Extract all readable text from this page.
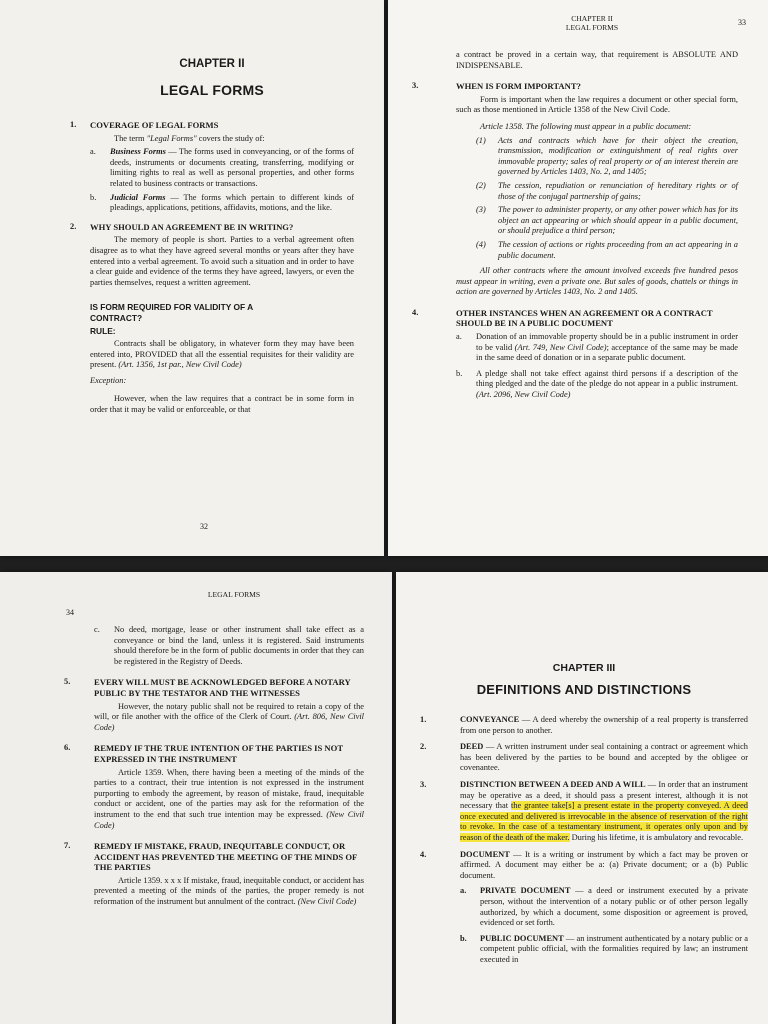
CHAPTER II
LEGAL FORMS
1.	COVERAGE OF LEGAL FORMS

The term "Legal Forms" covers the study of:

a.	Business Forms — The forms used in conveyancing, or of the forms of deeds, instruments or documents creating, transferring, modifying or limiting rights to real as well as personal properties, and other forms related to business contracts or transactions.
b.	Judicial Forms — The forms which pertain to different kinds of pleadings, applications, petitions, affidavits, motions, and the like.
2.	WHY SHOULD AN AGREEMENT BE IN WRITING?

The memory of people is short. Parties to a verbal agreement often disagree as to what they have agreed several months or years after they have entered into a verbal agreement. To avoid such a situation and in order to have a clear guide and evidence of the terms they have agreed, lawyers, or even the parties themselves, request a written agreement.

IS FORM REQUIRED FOR VALIDITY OF A CONTRACT?
RULE:

Contracts shall be obligatory, in whatever form they may have been entered into, PROVIDED that all the essential requisites for their validity are present. (Art. 1356, 1st par., New Civil Code)

Exception:

However, when the law requires that a contract be in some form in order that it may be valid or enforceable, or that

32
CHAPTER II
LEGAL FORMS
33

a contract be proved in a certain way, that requirement is ABSOLUTE AND INDISPENSABLE.

3.	WHEN IS FORM IMPORTANT?

Form is important when the law requires a document or other special form, such as those mentioned in Article 1358 of the New Civil Code.

Article 1358. The following must appear in a public document:

(1)	Acts and contracts which have for their object the creation, transmission, modification or extinguishment of real rights over immovable property; sales of real property or of an interest therein are governed by Articles 1403, No. 2, and 1405;
(2)	The cession, repudiation or renunciation of hereditary rights or of those of the conjugal partnership of gains;
(3)	The power to administer property, or any other power which has for its object an act appearing or which should appear in a public document, or should prejudice a third person;
(4)	The cession of actions or rights proceeding from an act appearing in a public document.

All other contracts where the amount involved exceeds five hundred pesos must appear in writing, even a private one. But sales of goods, chattels or things in action are governed by Articles 1403, No. 2 and 1405.

4.	OTHER INSTANCES WHEN AN AGREEMENT OR A CONTRACT SHOULD BE IN A PUBLIC DOCUMENT
a.	Donation of an immovable property should be in a public instrument in order to be valid (Art. 749, New Civil Code); acceptance of the same may be made in the same deed of donation or in a separate public document.
b.	A pledge shall not take effect against third persons if a description of the thing pledged and the date of the pledge do not appear in a public instrument. (Art. 2096, New Civil Code)
34
LEGAL FORMS
c.	No deed, mortgage, lease or other instrument shall take effect as a conveyance or bind the land, unless it is registered. Said instruments should therefore be in the form of public documents in order that they can be registered in the Registry of Deeds.
5.	EVERY WILL MUST BE ACKNOWLEDGED BEFORE A NOTARY PUBLIC BY THE TESTATOR AND THE WITNESSES

However, the notary public shall not be required to retain a copy of the will, or file another with the office of the Clerk of Court. (Art. 806, New Civil Code)

6.	REMEDY IF THE TRUE INTENTION OF THE PARTIES IS NOT EXPRESSED IN THE INSTRUMENT

Article 1359. When, there having been a meeting of the minds of the parties to a contract, their true intention is not expressed in the instrument purporting to embody the agreement, by reason of mistake, fraud, inequitable conduct or accident, one of the parties may ask for the reformation of the instrument to the end that such true intention may be expressed. (New Civil Code)

7.	REMEDY IF MISTAKE, FRAUD, INEQUITABLE CONDUCT, OR ACCIDENT HAS PREVENTED THE MEETING OF THE MINDS OF THE PARTIES

Article 1359. x x x If mistake, fraud, inequitable conduct, or accident has prevented a meeting of the minds of the parties, the proper remedy is not reformation of the instrument but annulment of the contract. (New Civil Code)

CHAPTER III
DEFINITIONS AND DISTINCTIONS
1.	CONVEYANCE — A deed whereby the ownership of a real property is transferred from one person to another.
2.	DEED — A written instrument under seal containing a contract or agreement which has been delivered by the parties to be bound and accepted by the obligee or covenantee.
3.	DISTINCTION BETWEEN A DEED AND A WILL — In order that an instrument may be operative as a deed, it should pass a present interest, although it is not necessary that the grantee take[s] a present estate in the property conveyed. A deed once executed and delivered is irrevocable in the absence of reservation of the right to revoke. In the case of a testamentary instrument, it operates only upon and by reason of the death of the maker. During his lifetime, it is ambulatory and revocable.
4.	DOCUMENT — It is a writing or instrument by which a fact may be proven or affirmed. A document may either be a: (a) Private document; or a (b) Public document.
a.	PRIVATE DOCUMENT — a deed or instrument executed by a private person, without the intervention of a notary public or of other person legally authorized, by which a document, some disposition or agreement is proved, evidenced or set forth.
b.	PUBLIC DOCUMENT — an instrument authenticated by a notary public or a competent public official, with the formalities required by law; an instrument executed in
